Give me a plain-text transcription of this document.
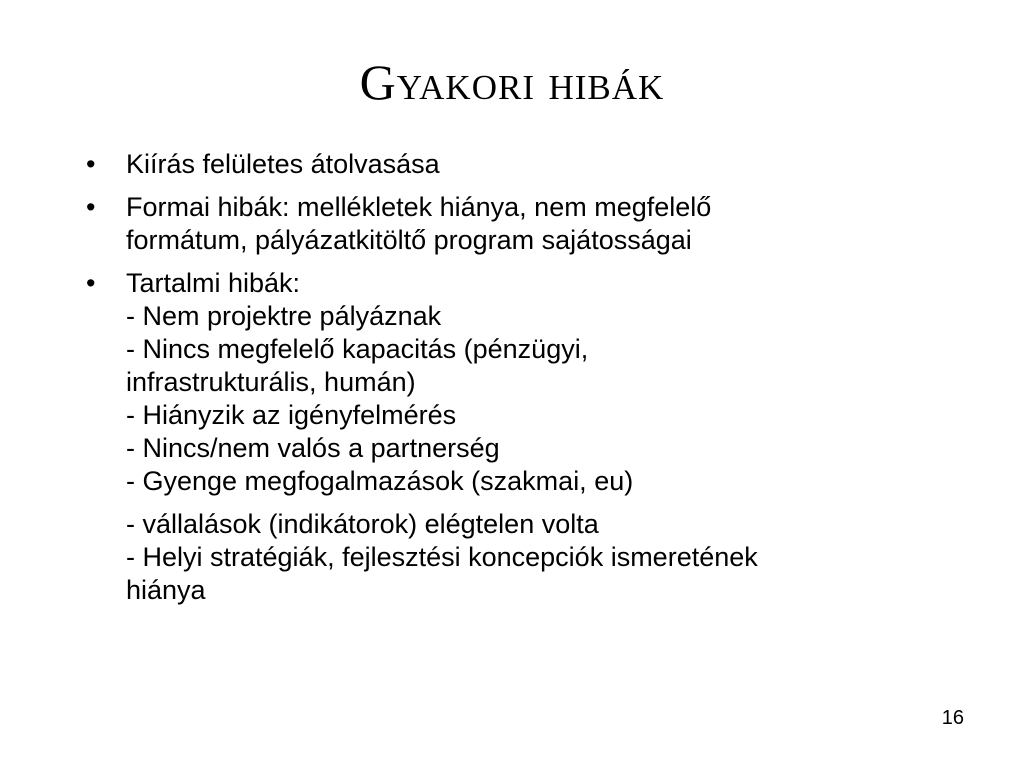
Gyakori hibák
• Kiírás felületes átolvasása
• Formai hibák: mellékletek hiánya, nem megfelelő
formátum, pályázatkitöltő program sajátosságai
• Tartalmi hibák:
- Nem projektre pályáznak
- Nincs megfelelő kapacitás (pénzügyi,
infrastrukturális, humán)
- Hiányzik az igényfelmérés
- Nincs/nem valós a partnerség
- Gyenge megfogalmazások (szakmai, eu)
- vállalások (indikátorok) elégtelen volta
- Helyi stratégiák, fejlesztési koncepciók ismeretének
hiánya
16
